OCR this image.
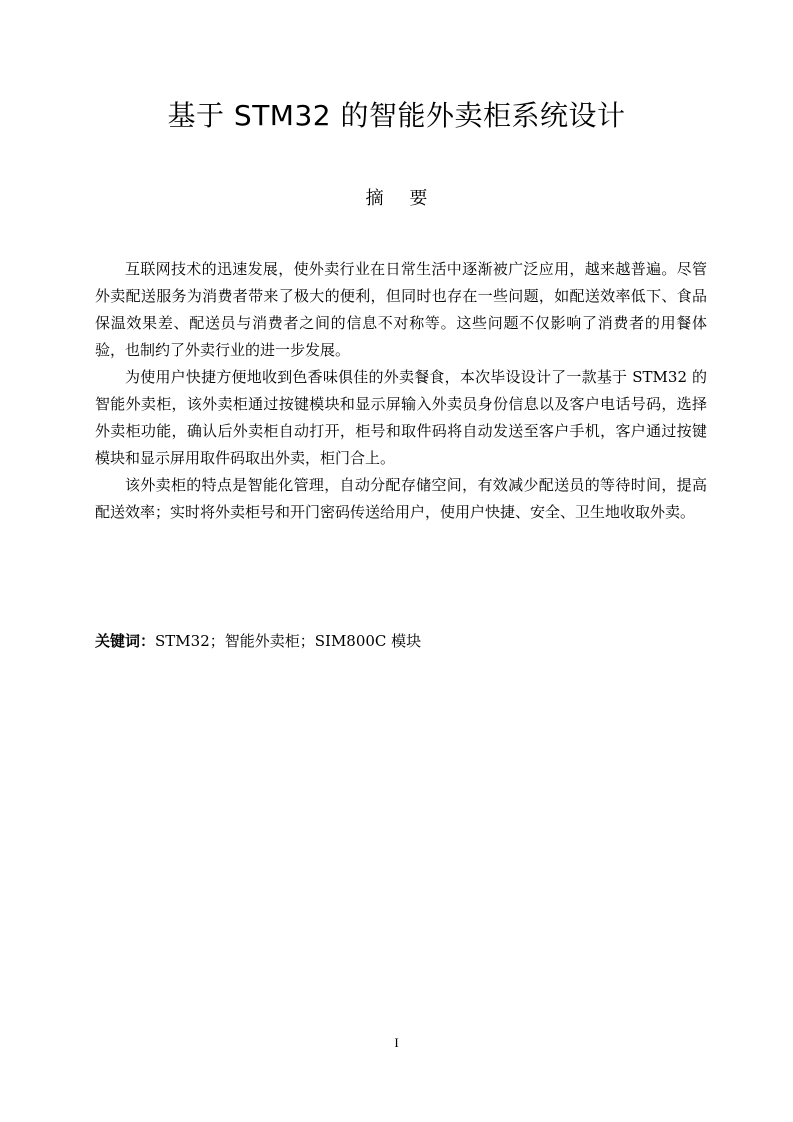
基于 STM32 的智能外卖柜系统设计
摘 要

互联网技术的迅速发展，使外卖行业在日常生活中逐渐被广泛应用，越来越普遍。尽管外卖配送服务为消费者带来了极大的便利，但同时也存在一些问题，如配送效率低下、食品保温效果差、配送员与消费者之间的信息不对称等。这些问题不仅影响了消费者的用餐体验，也制约了外卖行业的进一步发展。

为使用户快捷方便地收到色香味俱佳的外卖餐食，本次毕设设计了一款基于 STM32 的智能外卖柜，该外卖柜通过按键模块和显示屏输入外卖员身份信息以及客户电话号码，选择外卖柜功能，确认后外卖柜自动打开，柜号和取件码将自动发送至客户手机，客户通过按键模块和显示屏用取件码取出外卖，柜门合上。

该外卖柜的特点是智能化管理，自动分配存储空间，有效减少配送员的等待时间，提高配送效率；实时将外卖柜号和开门密码传送给用户，使用户快捷、安全、卫生地收取外卖。

关键词：STM32；智能外卖柜；SIM800C 模块
I
